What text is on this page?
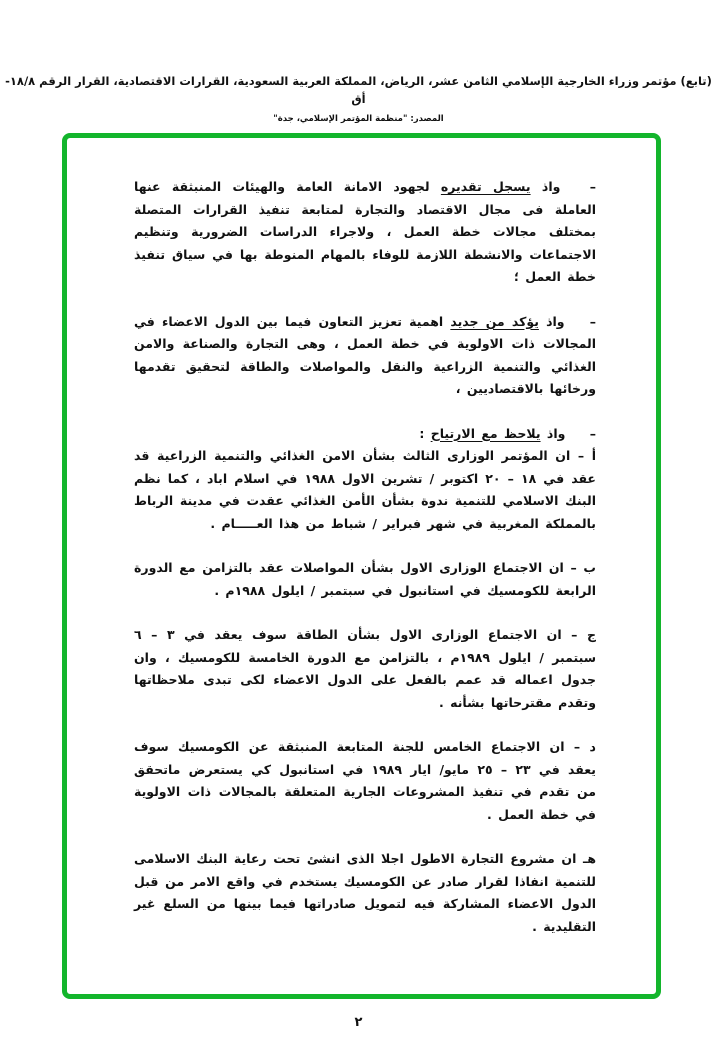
(تابع) مؤتمر وزراء الخارجية الإسلامي الثامن عشر، الرياض، المملكة العربية السعودية، القرارات الاقتصادية، القرار الرقم ١٨/٨-أق
المصدر: "منظمة المؤتمر الإسلامي، جدة"

– واذ يسجل تقديره لجهود الامانة العامة والهيئات المنبثقة عنها العاملة فى مجال الاقتصاد والتجارة لمتابعة تنفيذ القرارات المتصلة بمختلف مجالات خطة العمل ، ولاجراء الدراسات الضرورية وتنظيم الاجتماعات والانشطة اللازمة للوفاء بالمهام المنوطة بها في سياق تنفيذ خطة العمل ؛

– واذ يؤكد من جديد اهمية تعزيز التعاون فيما بين الدول الاعضاء في المجالات ذات الاولوية في خطة العمل ، وهى التجارة والصناعة والامن الغذائي والتنمية الزراعية والنقل والمواصلات والطاقة لتحقيق تقدمها ورخائها بالاقتصاديين ،

– واذ يلاحظ مع الارتياح :

أ – ان المؤتمر الوزارى الثالث بشأن الامن الغذائي والتنمية الزراعية قد عقد في ١٨ – ٢٠ اكتوبر / تشرين الاول ١٩٨٨ في اسلام اباد ، كما نظم البنك الاسلامي للتنمية ندوة بشأن الأمن الغذائي عقدت في مدينة الرباط بالمملكة المغربية في شهر فبراير / شباط من هذا العـــــام .

ب – ان الاجتماع الوزارى الاول بشأن المواصلات عقد بالتزامن مع الدورة الرابعة للكومسيك في استانبول في سبتمبر / ايلول ١٩٨٨م .

ج – ان الاجتماع الوزارى الاول بشأن الطاقة سوف يعقد في ٣ – ٦ سبتمبر / ايلول ١٩٨٩م ، بالتزامن مع الدورة الخامسة للكومسيك ، وان جدول اعماله قد عمم بالفعل على الدول الاعضاء لكى تبدى ملاحظاتها وتقدم مقترحاتها بشأنه .

د – ان الاجتماع الخامس للجنة المتابعة المنبثقة عن الكومسيك سوف يعقد في ٢٣ – ٢٥ مايو/ ايار ١٩٨٩ في استانبول كي يستعرض ماتحقق من تقدم في تنفيذ المشروعات الجارية المتعلقة بالمجالات ذات الاولوية في خطة العمل .

هـ ان مشروع التجارة الاطول اجلا الذى انشئ تحت رعاية البنك الاسلامى للتنمية انفاذا لقرار صادر عن الكومسيك يستخدم في واقع الامر من قبل الدول الاعضاء المشاركة فيه لتمويل صادراتها فيما بينها من السلع غير التقليدية .

٢
